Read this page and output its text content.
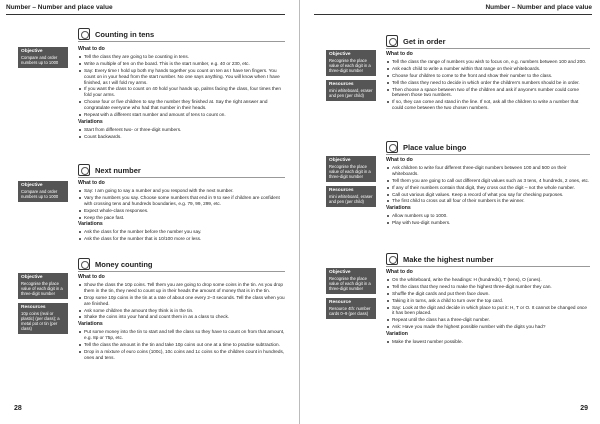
Number – Number and place value
Counting in tens
Objective
Compare and order numbers up to 1000
What to do
Tell the class they are going to be counting in tens.
Write a multiple of ten on the board. This is the start number, e.g. 40 or 230, etc.
Say: Every time I hold up both my hands together you count on ten as I have ten fingers. You count on in your head from the start number. No one says anything. You will know when I have finished, as I will fold my arms.
If you want the class to count on 40 hold your hands up, palms facing the class, four times then fold your arms.
Choose four or five children to say the number they finished at. Say the right answer and congratulate everyone who had that number in their heads.
Repeat with a different start number and amount of tens to count on.
Variations
Start from different two- or three-digit numbers.
Count backwards.
Next number
Objective
Compare and order numbers up to 1000
What to do
Say: I am going to say a number and you respond with the next number.
Vary the numbers you say. Choose some numbers that end in 9 to see if children are confident with crossing tens and hundreds boundaries, e.g. 79, 99, 299, etc.
Expect whole-class responses.
Keep the pace fast.
Variations
Ask the class for the number before the number you say.
Ask the class for the number that is 10/100 more or less.
Money counting
Objective
Recognise the place value of each digit in a three-digit number
Resources
10p coins (real or plastic) (per class); a metal pot or tin (per class)
What to do
Show the class the 10p coins. Tell them you are going to drop some coins in the tin. As you drop them in the tin, they need to count up in their heads the amount of money that is in the tin.
Drop some 10p coins in the tin at a rate of about one every 2–3 seconds. Tell the class when you are finished.
Ask some children the amount they think is in the tin.
Shake the coins into your hand and count them in as a class to check.
Variations
Put some money into the tin to start and tell the class so they have to count on from that amount, e.g. 8p or 75p, etc.
Tell the class the amount in the tin and take 10p coins out one at a time to practise subtraction.
Drop in a mixture of euro coins (100c), 10c coins and 1c coins so the children count in hundreds, ones and tens.
28
Number – Number and place value
Get in order
Objective
Recognise the place value of each digit in a three-digit number
Resources
mini whiteboard, eraser and pen (per child)
What to do
Tell the class the range of numbers you wish to focus on, e.g. numbers between 100 and 200.
Ask each child to write a number within that range on their whiteboards.
Choose four children to come to the front and show their number to the class.
Tell the class they need to decide in which order the children's numbers should be in order.
Then choose a space between two of the children and ask if anyone's number could come between those two numbers.
If so, they can come and stand in the line. If not, ask all the children to write a number that could come between the two chosen numbers.
Place value bingo
Objective
Recognise the place value of each digit in a three-digit number
Resources
mini whiteboard, eraser and pen (per child)
What to do
Ask children to write four different three-digit numbers between 100 and 500 on their whiteboards.
Tell them you are going to call out different digit values such as 3 tens, 4 hundreds, 2 ones, etc.
If any of their numbers contain that digit, they cross out the digit – not the whole number.
Call out various digit values. Keep a record of what you say for checking purposes.
The first child to cross out all four of their numbers is the winner.
Variations
Allow numbers up to 1000.
Play with two-digit numbers.
Make the highest number
Objective
Recognise the place value of each digit in a three-digit number
Resource
Resource 4th: number cards 0–9 (per class)
What to do
On the whiteboard, write the headings: H (hundreds), T (tens), O (ones).
Tell the class that they need to make the highest three-digit number they can.
Shuffle the digit cards and put them face down.
Taking it in turns, ask a child to turn over the top card.
Say: Look at the digit and decide in which place to put it: H, T or O. It cannot be changed once it has been placed.
Repeat until the class has a three-digit number.
Ask: Have you made the highest possible number with the digits you had?
Variation
Make the lowest number possible.
29
